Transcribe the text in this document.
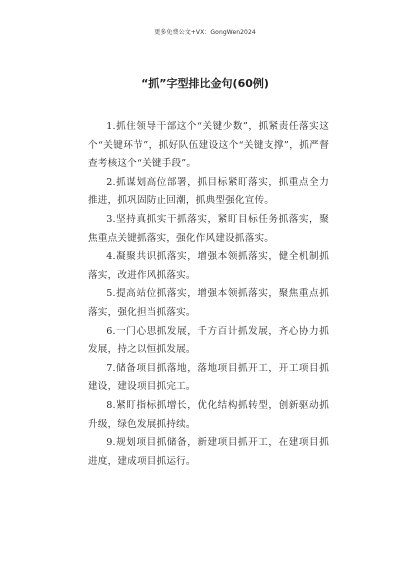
更多免费公文+VX：GongWen2024
“抓”字型排比金句(60例)

1.抓住领导干部这个“关键少数”，抓紧责任落实这个“关键环节”，抓好队伍建设这个“关键支撑”，抓严督查考核这个“关键手段”。

2.抓谋划高位部署，抓目标紧盯落实，抓重点全力推进，抓巩固防止回潮，抓典型强化宣传。

3.坚持真抓实干抓落实，紧盯目标任务抓落实，聚焦重点关键抓落实，强化作风建设抓落实。

4.凝聚共识抓落实，增强本领抓落实，健全机制抓落实，改进作风抓落实。

5.提高站位抓落实，增强本领抓落实，聚焦重点抓落实，强化担当抓落实。

6.一门心思抓发展，千方百计抓发展，齐心协力抓发展，持之以恒抓发展。

7.储备项目抓落地，落地项目抓开工，开工项目抓建设，建设项目抓完工。

8.紧盯指标抓增长，优化结构抓转型，创新驱动抓升级，绿色发展抓持续。

9.规划项目抓储备，新建项目抓开工，在建项目抓进度，建成项目抓运行。
